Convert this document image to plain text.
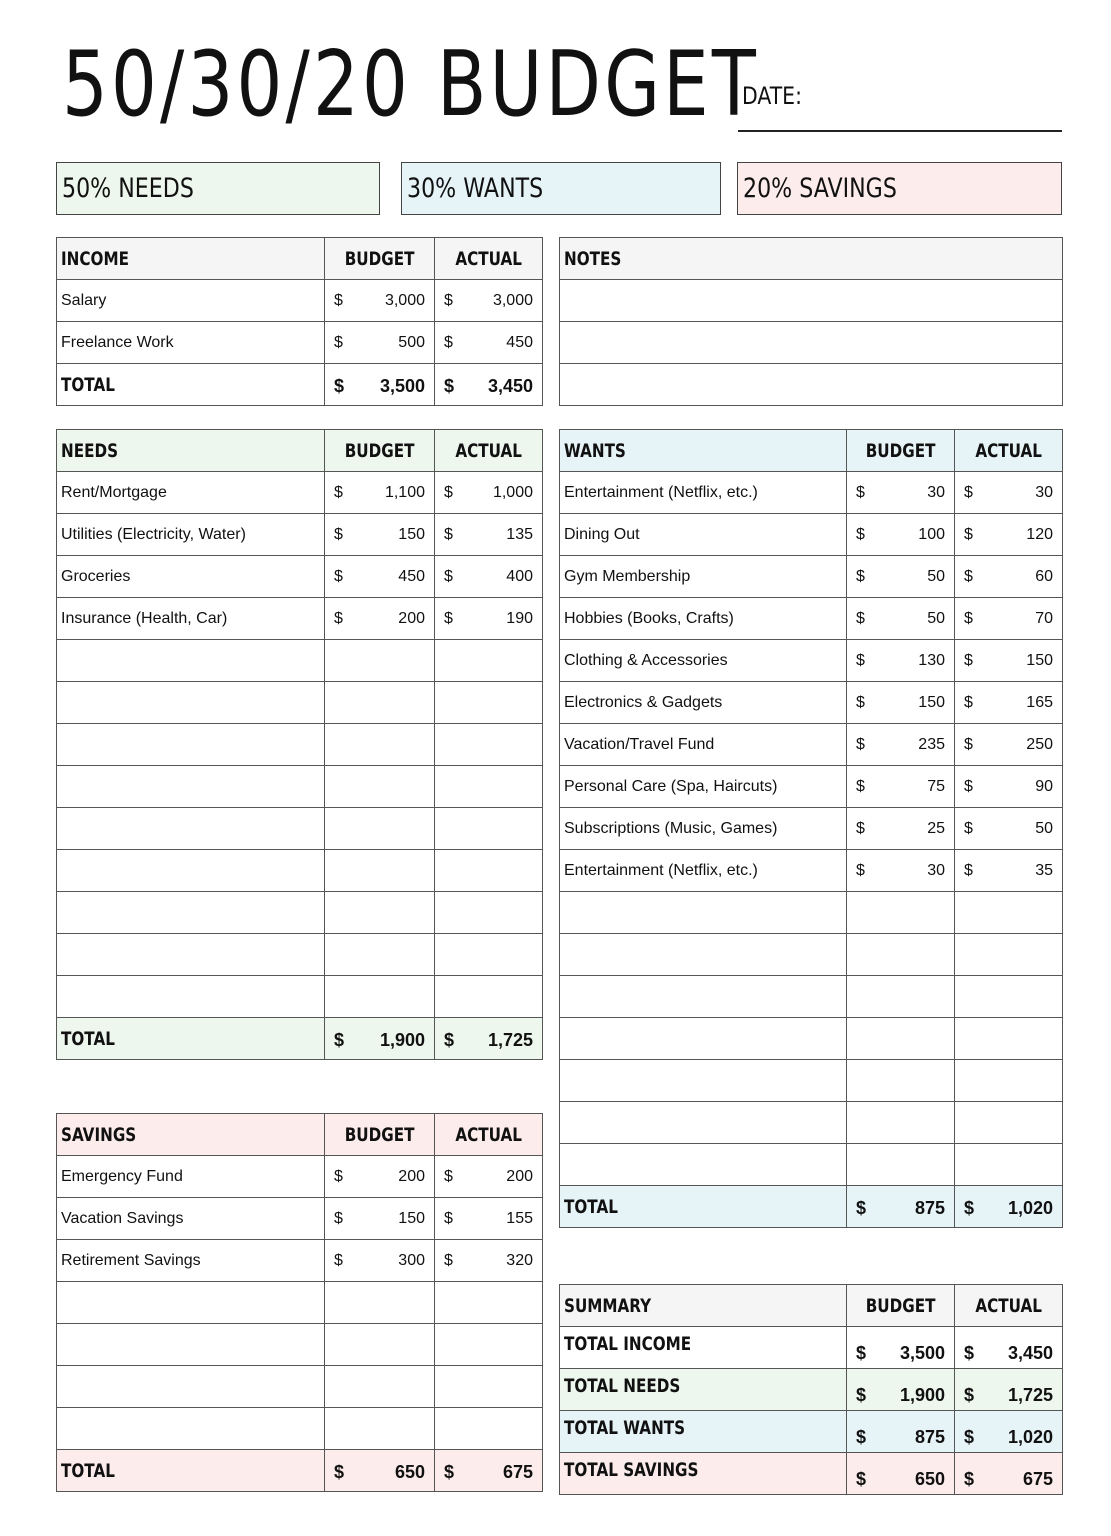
50/30/20 BUDGET
DATE:
50% NEEDS	30% WANTS	20% SAVINGS
INCOME	BUDGET	ACTUAL
Salary	$ 3,000	$ 3,000

Freelance Work	$ 500	$ 450

TOTAL	$ 3,500	$ 3,450
NOTES

NEEDS	BUDGET	ACTUAL
Rent/Mortgage	$ 1,100	$ 1,000

Utilities (Electricity, Water)	$ 150	$ 135

Groceries	$ 450	$ 400

Insurance (Health, Car)	$ 200	$ 190

TOTAL	$ 1,900	$ 1,725
WANTS	BUDGET	ACTUAL
Entertainment (Netflix, etc.)	$ 30	$ 30

Dining Out	$ 100	$ 120

Gym Membership	$ 50	$ 60

Hobbies (Books, Crafts)	$ 50	$ 70

Clothing & Accessories	$ 130	$ 150

Electronics & Gadgets	$ 150	$ 165

Vacation/Travel Fund	$ 235	$ 250

Personal Care (Spa, Haircuts)	$ 75	$ 90

Subscriptions (Music, Games)	$ 25	$ 50

Entertainment (Netflix, etc.)	$ 30	$ 35

TOTAL	$ 875	$ 1,020
SAVINGS	BUDGET	ACTUAL
Emergency Fund	$ 200	$ 200

Vacation Savings	$ 150	$ 155

Retirement Savings	$ 300	$ 320

TOTAL	$ 650	$ 675
SUMMARY	BUDGET	ACTUAL
TOTAL INCOME	$ 3,500	$ 3,450

TOTAL NEEDS	$ 1,900	$ 1,725

TOTAL WANTS	$ 875	$ 1,020

TOTAL SAVINGS	$ 650	$ 675
